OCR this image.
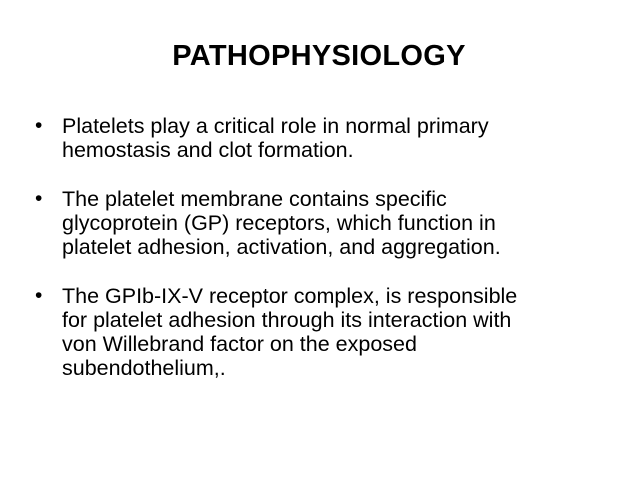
PATHOPHYSIOLOGY
• Platelets play a critical role in normal primary
hemostasis and clot formation.
• The platelet membrane contains specific
glycoprotein (GP) receptors, which function in
platelet adhesion, activation, and aggregation.
• The GPIb-IX-V receptor complex, is responsible
for platelet adhesion through its interaction with
von Willebrand factor on the exposed
subendothelium,.
